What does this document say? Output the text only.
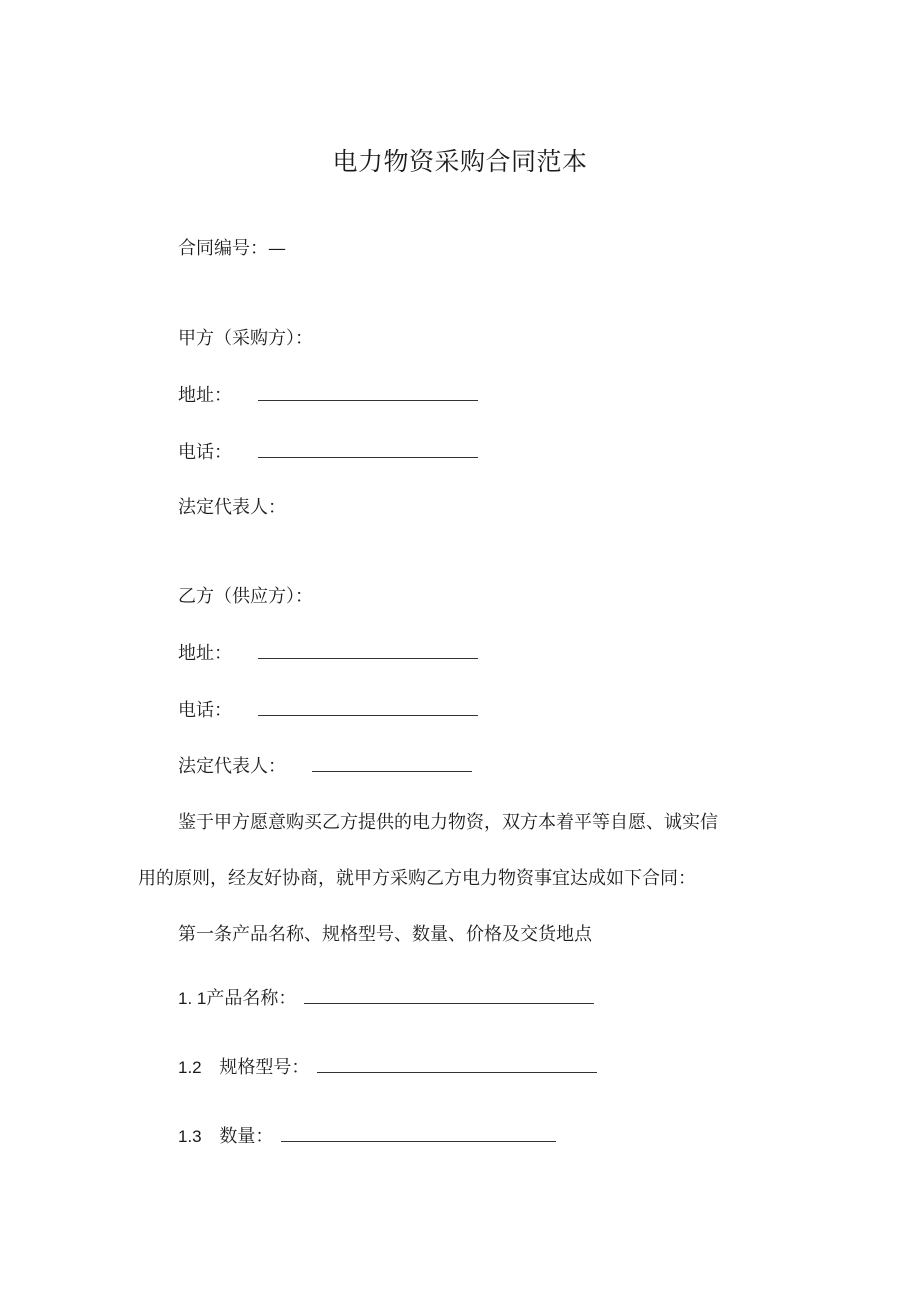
电力物资采购合同范本
合同编号：—
甲方（采购方）：
地址：
电话：
法定代表人：
乙方（供应方）：
地址：
电话：
法定代表人：
鉴于甲方愿意购买乙方提供的电力物资，双方本着平等自愿、诚实信
用的原则，经友好协商，就甲方采购乙方电力物资事宜达成如下合同：
第一条产品名称、规格型号、数量、价格及交货地点
1. 1产品名称：
1.2 规格型号：
1.3 数量：
